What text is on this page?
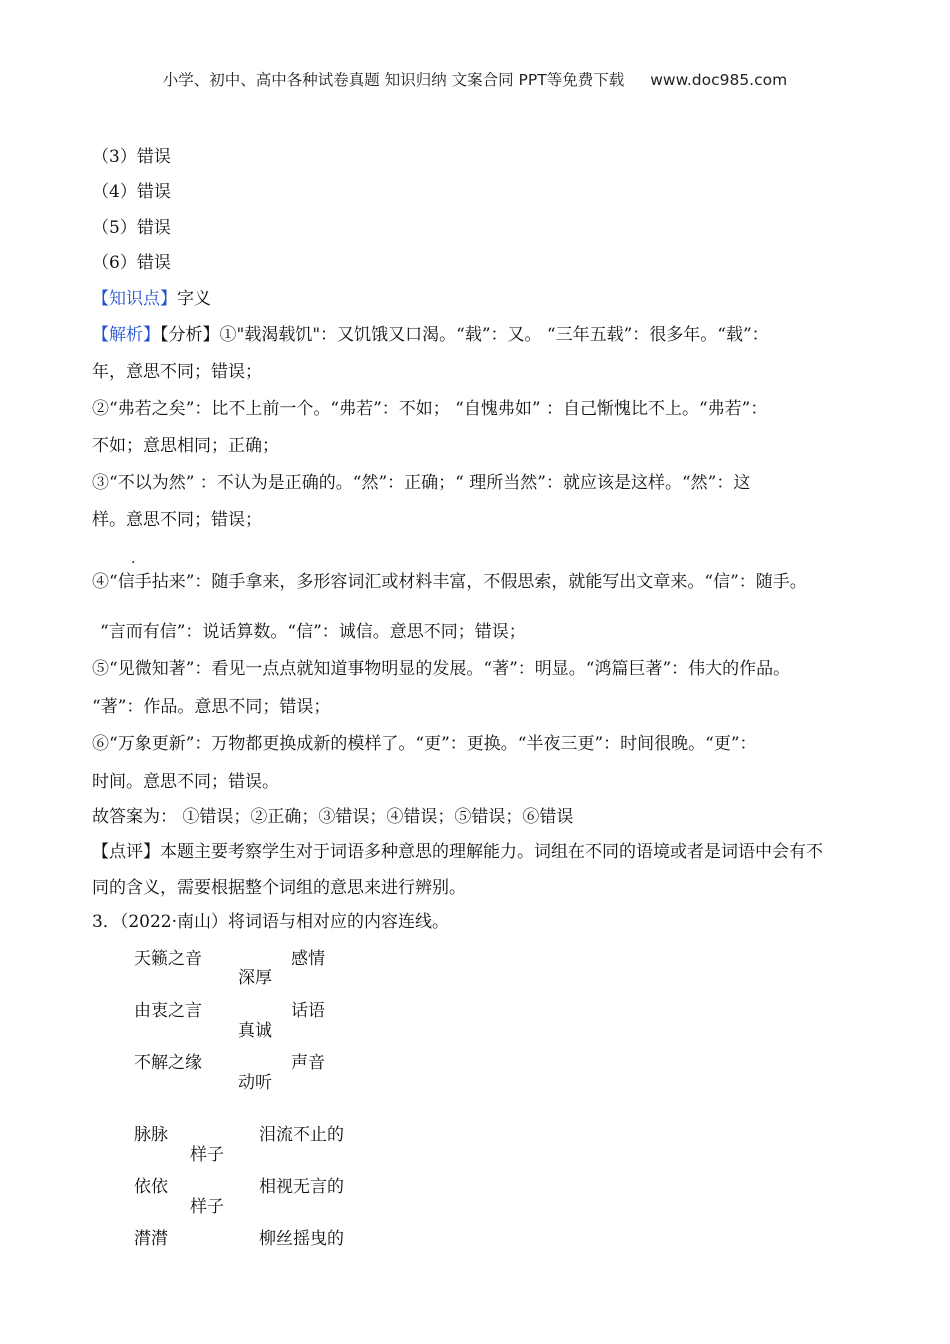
小学、初中、高中各种试卷真题 知识归纳 文案合同 PPT等免费下载 www.doc985.com
（3）错误
（4）错误
（5）错误
（6）错误
【知识点】字义
【解析】【分析】①"载渴载饥"：又饥饿又口渴。“载”：又。 “三年五载”：很多年。“载”：
年，意思不同；错误；
②“弗若之矣”：比不上前一个。“弗若”：不如； “自愧弗如” ：自己惭愧比不上。“弗若”：
不如；意思相同；正确；
③“不以为然” ：不认为是正确的。“然”：正确；“ 理所当然”：就应该是这样。“然”：这
样。意思不同；错误；
·
④“信手拈来”：随手拿来，多形容词汇或材料丰富，不假思索，就能写出文章来。“信”：随手。
“言而有信”：说话算数。“信”：诚信。意思不同；错误；
⑤“见微知著”：看见一点点就知道事物明显的发展。“著”：明显。“鸿篇巨著”：伟大的作品。
“著”：作品。意思不同；错误；
⑥“万象更新”：万物都更换成新的模样了。“更”：更换。“半夜三更”：时间很晚。“更”：
时间。意思不同；错误。
故答案为： ①错误；②正确；③错误；④错误；⑤错误；⑥错误
【点评】本题主要考察学生对于词语多种意思的理解能力。词组在不同的语境或者是词语中会有不
同的含义，需要根据整个词组的意思来进行辨别。
3．（2022·南山）将词语与相对应的内容连线。
天籁之音	感情
深厚
由衷之言	话语
真诚
不解之缘	声音
动听
脉脉	泪流不止的
样子
依依	相视无言的
样子
潸潸	柳丝摇曳的
